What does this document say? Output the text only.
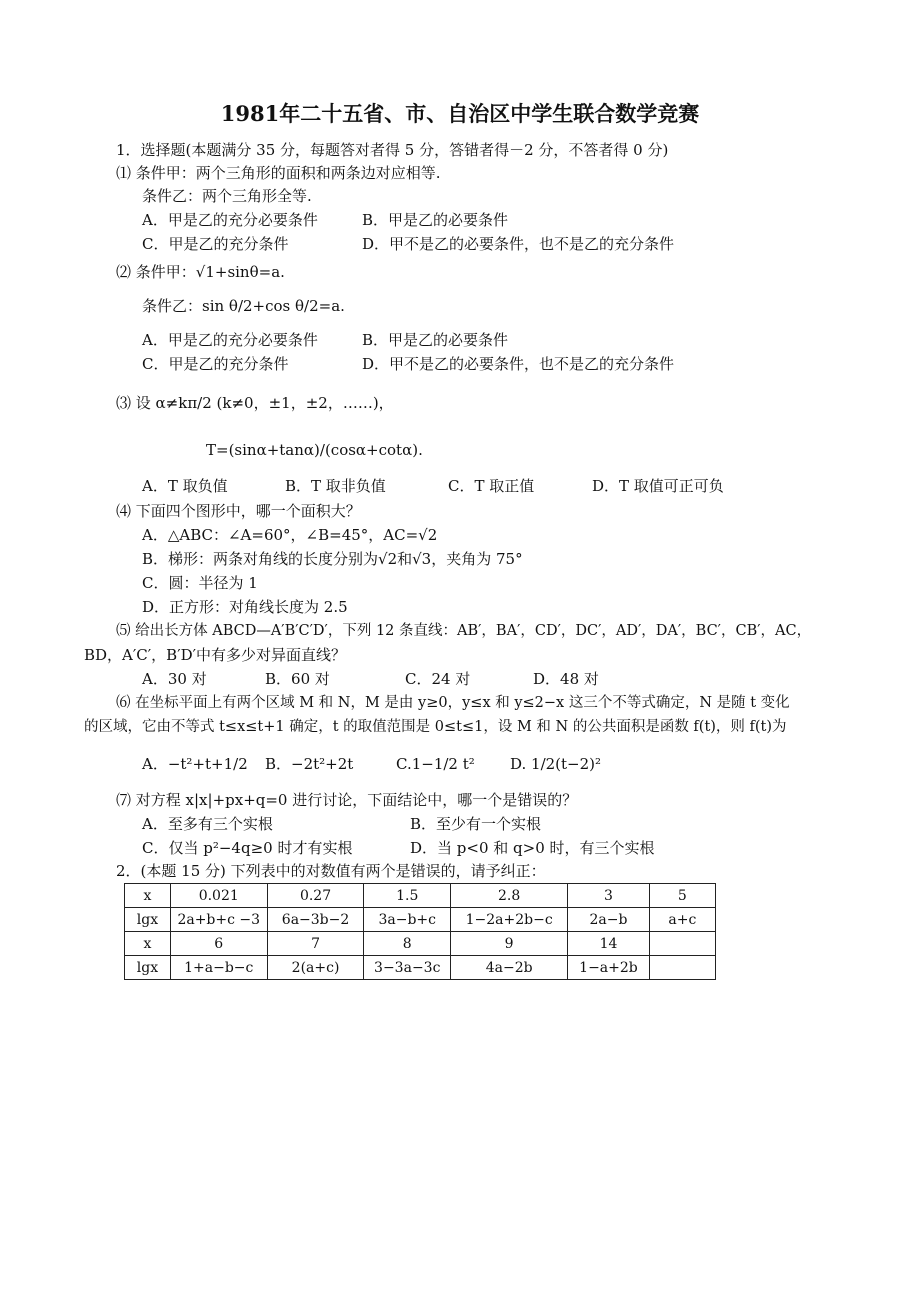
1981年二十五省、市、自治区中学生联合数学竞赛
1．选择题(本题满分 35 分，每题答对者得 5 分，答错者得－2 分，不答者得 0 分)
⑴ 条件甲：两个三角形的面积和两条边对应相等.
条件乙：两个三角形全等.
A．甲是乙的充分必要条件	B．甲是乙的必要条件
C．甲是乙的充分条件	D．甲不是乙的必要条件，也不是乙的充分条件
⑵ 条件甲：√1+sinθ=a.
条件乙：sin θ/2+cos θ/2=a.
A．甲是乙的充分必要条件	B．甲是乙的必要条件
C．甲是乙的充分条件	D．甲不是乙的必要条件，也不是乙的充分条件
⑶ 设 α≠kπ/2 (k≠0，±1，±2，……)，
T=(sinα+tanα)/(cosα+cotα).
A．T 取负值	B．T 取非负值	C．T 取正值	D．T 取值可正可负
⑷ 下面四个图形中，哪一个面积大？
A．△ABC：∠A=60°，∠B=45°，AC=√2
B．梯形：两条对角线的长度分别为√2和√3，夹角为 75°
C．圆：半径为 1
D．正方形：对角线长度为 2.5
⑸ 给出长方体 ABCD—A′B′C′D′，下列 12 条直线：AB′，BA′，CD′，DC′，AD′，DA′，BC′，CB′，AC，
BD，A′C′，B′D′中有多少对异面直线？
A．30 对	B．60 对	C．24 对	D．48 对
⑹ 在坐标平面上有两个区域 M 和 N，M 是由 y≥0，y≤x 和 y≤2−x 这三个不等式确定，N 是随 t 变化
的区域，它由不等式 t≤x≤t+1 确定，t 的取值范围是 0≤t≤1，设 M 和 N 的公共面积是函数 f(t)，则 f(t)为
A．−t²+t+1/2 B．−2t²+2t	C.1−1/2 t² D. 1/2(t−2)²
⑺ 对方程 x|x|+px+q=0 进行讨论，下面结论中，哪一个是错误的？
A．至多有三个实根	B．至少有一个实根
C．仅当 p²−4q≥0 时才有实根	D．当 p<0 和 q>0 时，有三个实根
2．(本题 15 分) 下列表中的对数值有两个是错误的，请予纠正：
x	0.021	0.27	1.5	2.8	3	5
lgx	2a+b+c −3	6a−3b−2	3a−b+c	1−2a+2b−c	2a−b	a+c
x	6	7	8	9	14	
lgx	1+a−b−c	2(a+c)	3−3a−3c	4a−2b	1−a+2b	
